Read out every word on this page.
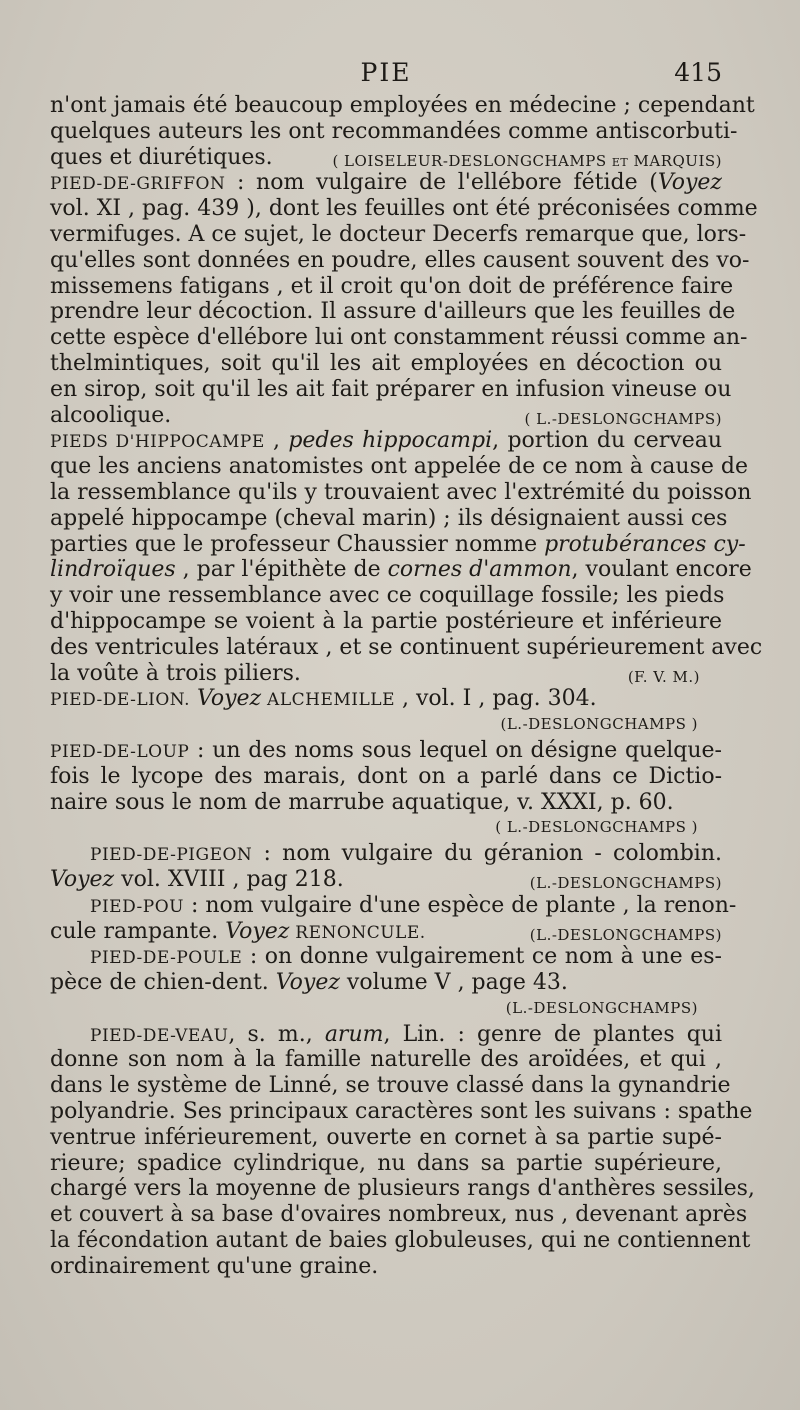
PIE	415
n'ont jamais été beaucoup employées en médecine ; cependant
quelques auteurs les ont recommandées comme antiscorbuti-
ques et diurétiques.	( LOISELEUR-DESLONGCHAMPS et MARQUIS)
PIED-DE-GRIFFON : nom vulgaire de l'ellébore fétide (Voyez
vol. XI , pag. 439 ), dont les feuilles ont été préconisées comme
vermifuges. A ce sujet, le docteur Decerfs remarque que, lors-
qu'elles sont données en poudre, elles causent souvent des vo-
missemens fatigans , et il croit qu'on doit de préférence faire
prendre leur décoction. Il assure d'ailleurs que les feuilles de
cette espèce d'ellébore lui ont constamment réussi comme an-
thelmintiques, soit qu'il les ait employées en décoction ou
en sirop, soit qu'il les ait fait préparer en infusion vineuse ou
alcoolique.	( L.-DESLONGCHAMPS)
PIEDS D'HIPPOCAMPE , pedes hippocampi, portion du cerveau
que les anciens anatomistes ont appelée de ce nom à cause de
la ressemblance qu'ils y trouvaient avec l'extrémité du poisson
appelé hippocampe (cheval marin) ; ils désignaient aussi ces
parties que le professeur Chaussier nomme protubérances cy-
lindroïques , par l'épithète de cornes d'ammon, voulant encore
y voir une ressemblance avec ce coquillage fossile; les pieds
d'hippocampe se voient à la partie postérieure et inférieure
des ventricules latéraux , et se continuent supérieurement avec
la voûte à trois piliers.	(F. V. M.)
PIED-DE-LION. Voyez ALCHEMILLE , vol. I , pag. 304.
(L.-DESLONGCHAMPS )
PIED-DE-LOUP : un des noms sous lequel on désigne quelque-
fois le lycope des marais, dont on a parlé dans ce Dictio-
naire sous le nom de marrube aquatique, v. XXXI, p. 60.
( L.-DESLONGCHAMPS )
PIED-DE-PIGEON : nom vulgaire du géranion - colombin.
Voyez vol. XVIII , pag 218.	(L.-DESLONGCHAMPS)
PIED-POU : nom vulgaire d'une espèce de plante , la renon-
cule rampante. Voyez RENONCULE.	(L.-DESLONGCHAMPS)
PIED-DE-POULE : on donne vulgairement ce nom à une es-
pèce de chien-dent. Voyez volume V , page 43.
(L.-DESLONGCHAMPS)
PIED-DE-VEAU, s. m., arum, Lin. : genre de plantes qui
donne son nom à la famille naturelle des aroïdées, et qui ,
dans le système de Linné, se trouve classé dans la gynandrie
polyandrie. Ses principaux caractères sont les suivans : spathe
ventrue inférieurement, ouverte en cornet à sa partie supé-
rieure; spadice cylindrique, nu dans sa partie supérieure,
chargé vers la moyenne de plusieurs rangs d'anthères sessiles,
et couvert à sa base d'ovaires nombreux, nus , devenant après
la fécondation autant de baies globuleuses, qui ne contiennent
ordinairement qu'une graine.
